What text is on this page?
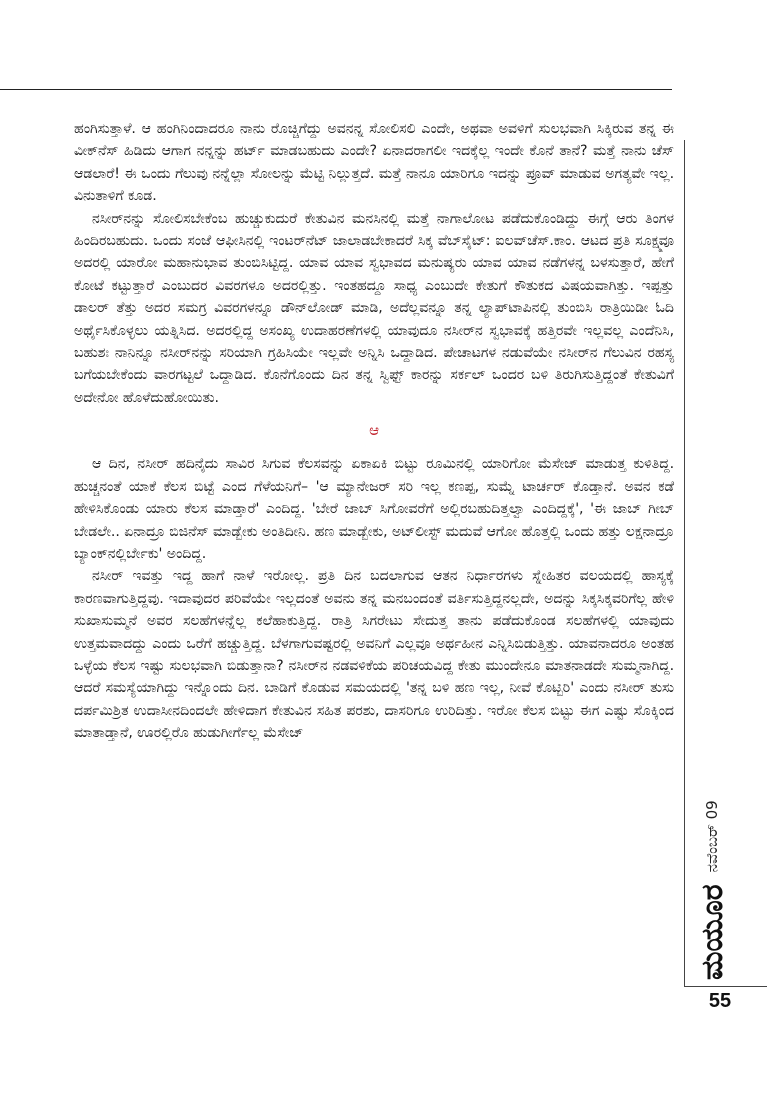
ಹಂಗಿಸುತ್ತಾಳೆ. ಆ ಹಂಗಿನಿಂದಾದರೂ ನಾನು ರೊಚ್ಚಿಗೆದ್ದು ಅವನನ್ನ ಸೋಲಿಸಲಿ ಎಂದೇ, ಅಥವಾ ಅವಳಿಗೆ ಸುಲಭವಾಗಿ ಸಿಕ್ಕಿರುವ ತನ್ನ ಈ ವೀಕ್‌ನೆಸ್ ಹಿಡಿದು ಆಗಾಗ ನನ್ನನ್ನು ಹರ್ಟ್ ಮಾಡಬಹುದು ಎಂದೇ? ಏನಾದರಾಗಲೀ ಇದಕ್ಕೆಲ್ಲ ಇಂದೇ ಕೊನೆ ತಾನೆ? ಮತ್ತೆ ನಾನು ಚೆಸ್ ಆಡಲಾರೆ! ಈ ಒಂದು ಗೆಲುವು ನನ್ನೆಲ್ಲಾ ಸೋಲನ್ನು ಮೆಟ್ಟಿ ನಿಲ್ಲುತ್ತದೆ. ಮತ್ತೆ ನಾನೂ ಯಾರಿಗೂ ಇದನ್ನು ಪ್ರೂವ್ ಮಾಡುವ ಅಗತ್ಯವೇ ಇಲ್ಲ. ವಿನುತಾಳಿಗೆ ಕೂಡ.

ನಸೀರ್‌ನನ್ನು ಸೋಲಿಸಬೇಕೆಂಬ ಹುಚ್ಚುಕುದುರೆ ಕೇತುವಿನ ಮನಸಿನಲ್ಲಿ ಮತ್ತೆ ನಾಗಾಲೋಟ ಪಡೆದುಕೊಂಡಿದ್ದು ಈಗ್ಗೆ ಆರು ತಿಂಗಳ ಹಿಂದಿರಬಹುದು. ಒಂದು ಸಂಜೆ ಆಫೀಸಿನಲ್ಲಿ ಇಂಟರ್‌ನೆಟ್ ಜಾಲಾಡಬೇಕಾದರೆ ಸಿಕ್ಕ ವೆಬ್‌ಸೈಟ್: ಐಲವ್‌ಚೆಸ್.ಕಾಂ. ಆಟದ ಪ್ರತಿ ಸೂಕ್ಷ್ಮವೂ ಅದರಲ್ಲಿ ಯಾರೋ ಮಹಾನುಭಾವ ತುಂಬಿಸಿಟ್ಟಿದ್ದ. ಯಾವ ಯಾವ ಸ್ವಭಾವದ ಮನುಷ್ಯರು ಯಾವ ಯಾವ ನಡೆಗಳನ್ನ ಬಳಸುತ್ತಾರೆ, ಹೇಗೆ ಕೋಟೆ ಕಟ್ಟುತ್ತಾರೆ ಎಂಬುದರ ವಿವರಗಳೂ ಅದರಲ್ಲಿತ್ತು. ಇಂತಹದ್ದೂ ಸಾಧ್ಯ ಎಂಬುದೇ ಕೇತುಗೆ ಕೌತುಕದ ವಿಷಯವಾಗಿತ್ತು. ಇಪ್ಪತ್ತು ಡಾಲರ್ ತೆತ್ತು ಅದರ ಸಮಗ್ರ ವಿವರಗಳನ್ನೂ ಡೌನ್‌ಲೋಡ್ ಮಾಡಿ, ಅದೆಲ್ಲವನ್ನೂ ತನ್ನ ಲ್ಯಾಪ್‌ಟಾಪಿನಲ್ಲಿ ತುಂಬಿಸಿ ರಾತ್ರಿಯಿಡೀ ಓದಿ ಅರ್ಥೈಸಿಕೊಳ್ಳಲು ಯತ್ನಿಸಿದ. ಅದರಲ್ಲಿದ್ದ ಅಸಂಖ್ಯ ಉದಾಹರಣೆಗಳಲ್ಲಿ ಯಾವುದೂ ನಸೀರ್‌ನ ಸ್ವಭಾವಕ್ಕೆ ಹತ್ತಿರವೇ ಇಲ್ಲವಲ್ಲ ಎಂದೆನಿಸಿ, ಬಹುಶಃ ನಾನಿನ್ನೂ ನಸೀರ್‌ನನ್ನು ಸರಿಯಾಗಿ ಗ್ರಹಿಸಿಯೇ ಇಲ್ಲವೇ ಅನ್ನಿಸಿ ಒದ್ದಾಡಿದ. ಪೇಚಾಟಗಳ ನಡುವೆಯೇ ನಸೀರ್‌ನ ಗೆಲುವಿನ ರಹಸ್ಯ ಬಗೆಯಬೇಕೆಂದು ವಾರಗಟ್ಟಲೆ ಒದ್ದಾಡಿದ. ಕೊನೆಗೊಂದು ದಿನ ತನ್ನ ಸ್ವಿಫ್ಟ್ ಕಾರನ್ನು ಸರ್ಕಲ್ ಒಂದರ ಬಳಿ ತಿರುಗಿಸುತ್ತಿದ್ದಂತೆ ಕೇತುವಿಗೆ ಅದೇನೋ ಹೊಳೆದುಹೋಯಿತು.

ಆ

ಆ ದಿನ, ನಸೀರ್ ಹದಿನೈದು ಸಾವಿರ ಸಿಗುವ ಕೆಲಸವನ್ನು ಏಕಾಏಕಿ ಬಿಟ್ಟು ರೂಮಿನಲ್ಲಿ ಯಾರಿಗೋ ಮೆಸೇಜ್ ಮಾಡುತ್ತ ಕುಳಿತಿದ್ದ. ಹುಚ್ಚನಂತೆ ಯಾಕೆ ಕೆಲಸ ಬಿಟ್ಟೆ ಎಂದ ಗೆಳೆಯನಿಗೆ– 'ಆ ಮ್ಯಾನೇಜರ್ ಸರಿ ಇಲ್ಲ ಕಣಪ್ಪ, ಸುಮ್ನೆ ಟಾರ್ಚರ್ ಕೊಡ್ತಾನೆ. ಅವನ ಕಡೆ ಹೇಳಿಸಿಕೊಂಡು ಯಾರು ಕೆಲಸ ಮಾಡ್ತಾರೆ' ಎಂದಿದ್ದ. 'ಬೇರೆ ಜಾಬ್ ಸಿಗೋವರೆಗೆ ಅಲ್ಲಿರಬಹುದಿತ್ತಲ್ವಾ ಎಂದಿದ್ದಕ್ಕೆ', 'ಈ ಜಾಬ್ ಗೀಬ್ ಬೇಡಲೇ.. ಏನಾದ್ರೂ ಬಿಜಿನೆಸ್ ಮಾಡ್ಬೇಕು ಅಂತಿದೀನಿ. ಹಣ ಮಾಡ್ಬೇಕು, ಅಟ್‌ಲೀಸ್ಟ್ ಮದುವೆ ಆಗೋ ಹೊತ್ತಲ್ಲಿ ಒಂದು ಹತ್ತು ಲಕ್ಷನಾದ್ರೂ ಬ್ಯಾಂಕ್‌ನಲ್ಲಿರ್ಬೇಕು' ಅಂದಿದ್ದ.

ನಸೀರ್ ಇವತ್ತು ಇದ್ದ ಹಾಗೆ ನಾಳೆ ಇರೋಲ್ಲ. ಪ್ರತಿ ದಿನ ಬದಲಾಗುವ ಆತನ ನಿರ್ಧಾರಗಳು ಸ್ನೇಹಿತರ ವಲಯದಲ್ಲಿ ಹಾಸ್ಯಕ್ಕೆ ಕಾರಣವಾಗುತ್ತಿದ್ದವು. ಇದಾವುದರ ಪರಿವೆಯೇ ಇಲ್ಲದಂತೆ ಅವನು ತನ್ನ ಮನಬಂದಂತೆ ವರ್ತಿಸುತ್ತಿದ್ದನಲ್ಲದೇ, ಅದನ್ನು ಸಿಕ್ಕಸಿಕ್ಕವರಿಗೆಲ್ಲ ಹೇಳಿ ಸುಖಾಸುಮ್ಮನೆ ಅವರ ಸಲಹೆಗಳನ್ನೆಲ್ಲ ಕಲೆಹಾಕುತ್ತಿದ್ದ. ರಾತ್ರಿ ಸಿಗರೇಟು ಸೇದುತ್ತ ತಾನು ಪಡೆದುಕೊಂಡ ಸಲಹೆಗಳಲ್ಲಿ ಯಾವುದು ಉತ್ತಮವಾದದ್ದು ಎಂದು ಒರೆಗೆ ಹಚ್ಚುತ್ತಿದ್ದ. ಬೆಳಗಾಗುವಷ್ಟರಲ್ಲಿ ಅವನಿಗೆ ಎಲ್ಲವೂ ಅರ್ಥಹೀನ ಎನ್ನಿಸಿಬಿಡುತ್ತಿತ್ತು. ಯಾವನಾದರೂ ಅಂತಹ ಒಳ್ಳೆಯ ಕೆಲಸ ಇಷ್ಟು ಸುಲಭವಾಗಿ ಬಿಡುತ್ತಾನಾ? ನಸೀರ್‌ನ ನಡವಳಿಕೆಯ ಪರಿಚಯವಿದ್ದ ಕೇತು ಮುಂದೇನೂ ಮಾತನಾಡದೇ ಸುಮ್ಮನಾಗಿದ್ದ. ಆದರೆ ಸಮಸ್ಯೆಯಾಗಿದ್ದು ಇನ್ನೊಂದು ದಿನ. ಬಾಡಿಗೆ ಕೊಡುವ ಸಮಯದಲ್ಲಿ 'ತನ್ನ ಬಳಿ ಹಣ ಇಲ್ಲ, ನೀವೆ ಕೊಟ್ಬಿರಿ' ಎಂದು ನಸೀರ್ ತುಸು ದರ್ಪಮಿಶ್ರಿತ ಉದಾಸೀನದಿಂದಲೇ ಹೇಳಿದಾಗ ಕೇತುವಿನ ಸಹಿತ ಪರಶು, ದಾಸರಿಗೂ ಉರಿದಿತ್ತು. ಇರೋ ಕೆಲಸ ಬಿಟ್ಟು ಈಗ ಎಷ್ಟು ಸೊಕ್ಕಿಂದ ಮಾತಾಡ್ತಾನೆ, ಊರಲ್ಲಿರೊ ಹುಡುಗೀರ್ಗೆಲ್ಲ ಮೆಸೇಜ್

ಮಯೂರ
ನವೆಂಬರ್ 09
55
